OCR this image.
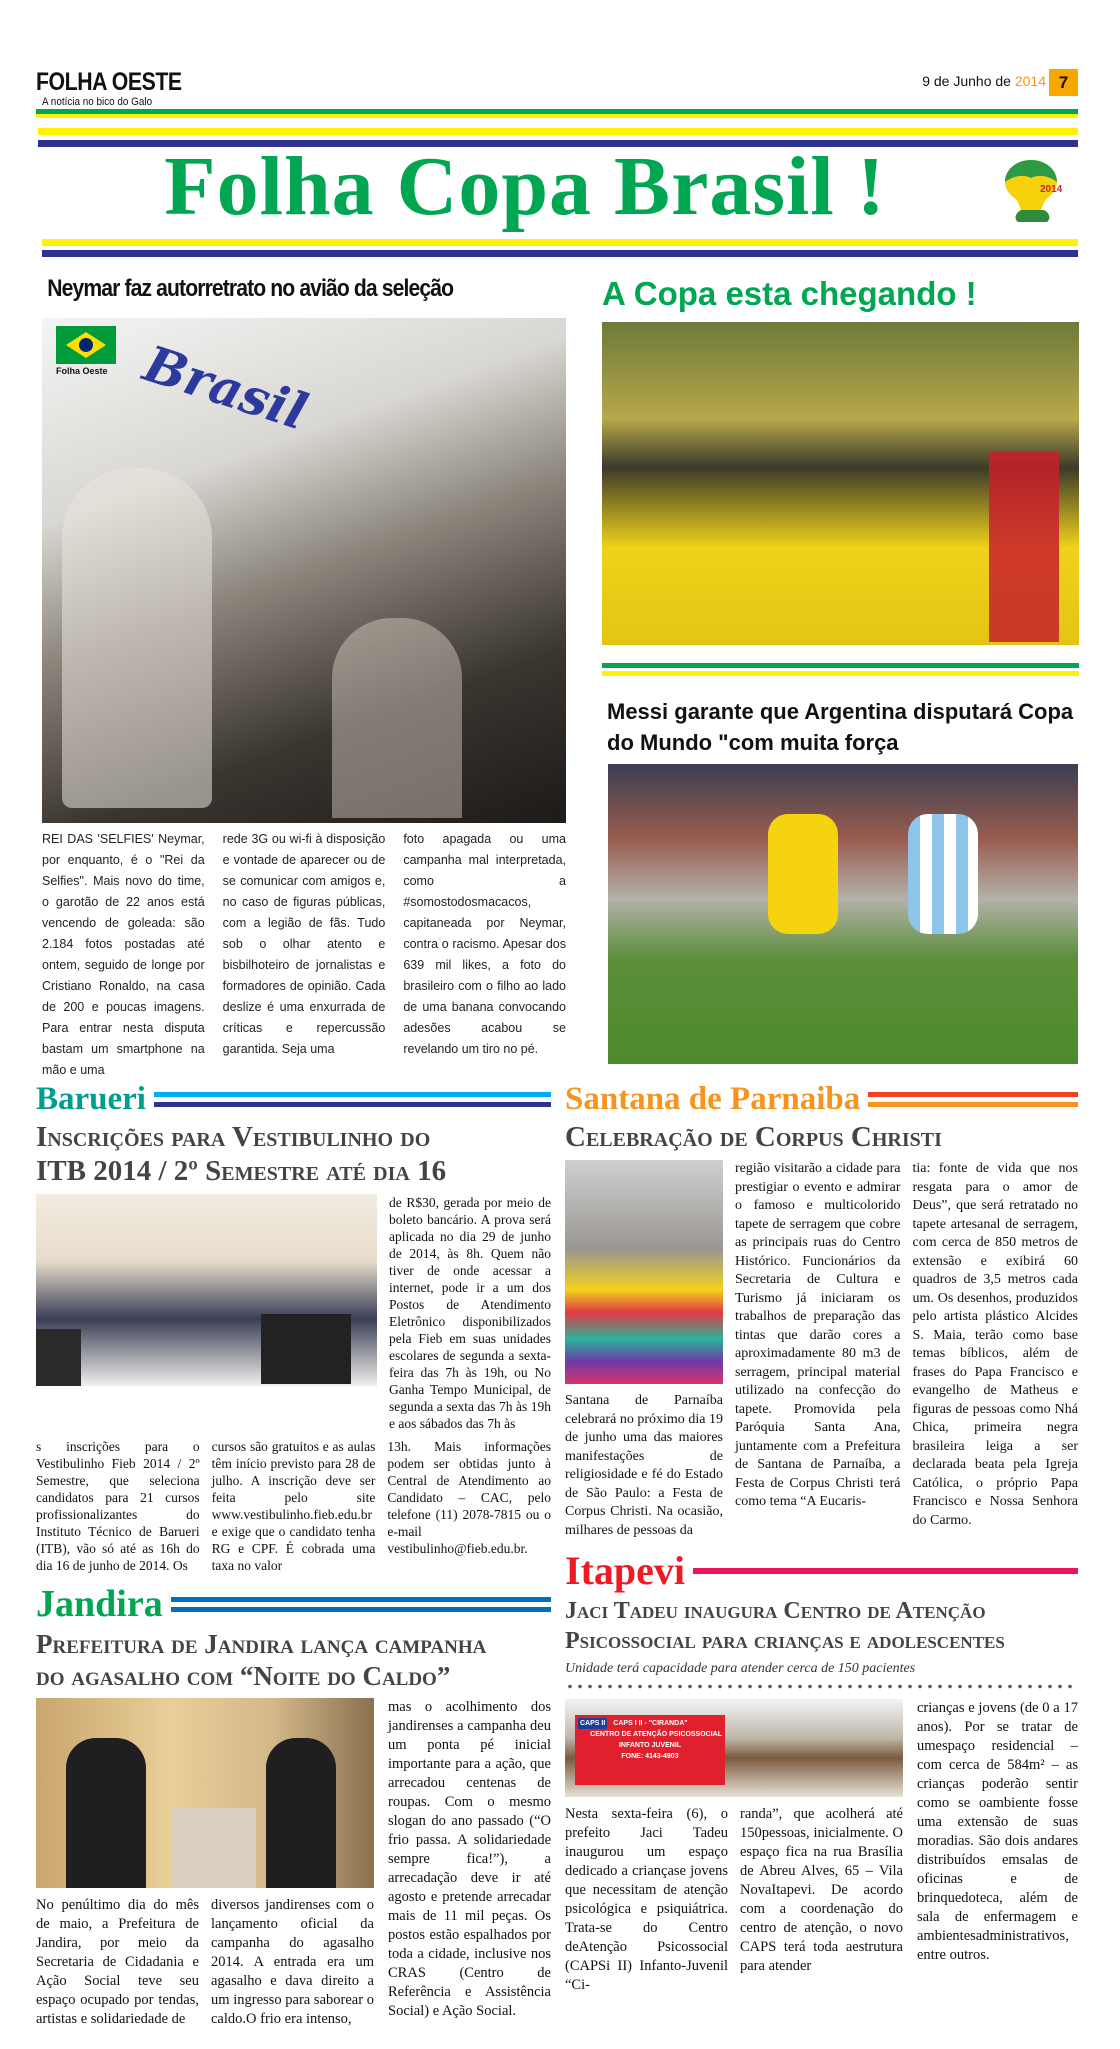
FOLHA OESTE
A notícia no bico do Galo
9 de Junho de 2014 7
Folha Copa Brasil !	2014
Neymar faz autorretrato no avião da seleção
Folha Oeste Brasil
REI DAS 'SELFIES' Neymar, por enquanto, é o "Rei da Selfies". Mais novo do time, o garotão de 22 anos está vencendo de goleada: são 2.184 fotos postadas até ontem, seguido de longe por Cristiano Ronaldo, na casa de 200 e poucas imagens. Para entrar nesta disputa bastam um smartphone na mão e uma
rede 3G ou wi-fi à disposição e vontade de aparecer ou de se comunicar com amigos e, no caso de figuras públicas, com a legião de fãs. Tudo sob o olhar atento e bisbilhoteiro de jornalistas e formadores de opinião. Cada deslize é uma enxurrada de críticas e repercussão garantida. Seja uma
foto apagada ou uma campanha mal interpretada, como a #somostodosmacacos, capitaneada por Neymar, contra o racismo. Apesar dos 639 mil likes, a foto do brasileiro com o filho ao lado de uma banana convocando adesões acabou se revelando um tiro no pé.
A Copa esta chegando !
Messi garante que Argentina disputará Copa do Mundo "com muita força
Barueri
Inscrições para Vestibulinho do
ITB 2014 / 2º Semestre até dia 16
de R$30, gerada por meio de boleto bancário. A prova será aplicada no dia 29 de junho de 2014, às 8h. Quem não tiver de onde acessar a internet, pode ir a um dos Postos de Atendimento Eletrônico disponibilizados pela Fieb em suas unidades escolares de segunda a sexta-feira das 7h às 19h, ou No Ganha Tempo Municipal, de segunda a sexta das 7h às 19h e aos sábados das 7h às
s inscrições para o Vestibulinho Fieb 2014 / 2º Semestre, que seleciona candidatos para 21 cursos profissionalizantes do Instituto Técnico de Barueri (ITB), vão só até as 16h do dia 16 de junho de 2014. Os
cursos são gratuitos e as aulas têm início previsto para 28 de julho. A inscrição deve ser feita pelo site www.vestibulinho.fieb.edu.br e exige que o candidato tenha RG e CPF. É cobrada uma taxa no valor
13h. Mais informações podem ser obtidas junto à Central de Atendimento ao Candidato – CAC, pelo telefone (11) 2078-7815 ou o e-mail vestibulinho@fieb.edu.br.
Jandira
Prefeitura de Jandira lança campanha
do agasalho com “Noite do Caldo”
No penúltimo dia do mês de maio, a Prefeitura de Jandira, por meio da Secretaria de Cidadania e Ação Social teve seu espaço ocupado por tendas, artistas e solidariedade de
diversos jandirenses com o lançamento oficial da campanha do agasalho 2014. A entrada era um agasalho e dava direito a um ingresso para saborear o caldo.O frio era intenso,
mas o acolhimento dos jandirenses a campanha deu um ponta pé inicial importante para a ação, que arrecadou centenas de roupas. Com o mesmo slogan do ano passado (“O frio passa. A solidariedade sempre fica!”), a arrecadação deve ir até agosto e pretende arrecadar mais de 11 mil peças. Os postos estão espalhados por toda a cidade, inclusive nos CRAS (Centro de Referência e Assistência Social) e Ação Social.
Santana de Parnaiba
Celebração de Corpus Christi
Santana de Parnaíba celebrará no próximo dia 19 de junho uma das maiores manifestações de religiosidade e fé do Estado de São Paulo: a Festa de Corpus Christi. Na ocasião, milhares de pessoas da
região visitarão a cidade para prestigiar o evento e admirar o famoso e multicolorido tapete de serragem que cobre as principais ruas do Centro Histórico. Funcionários da Secretaria de Cultura e Turismo já iniciaram os trabalhos de preparação das tintas que darão cores a aproximadamente 80 m3 de serragem, principal material utilizado na confecção do tapete. Promovida pela Paróquia Santa Ana, juntamente com a Prefeitura de Santana de Parnaíba, a Festa de Corpus Christi terá como tema “A Eucaris-
tia: fonte de vida que nos resgata para o amor de Deus”, que será retratado no tapete artesanal de serragem, com cerca de 850 metros de extensão e exibirá 60 quadros de 3,5 metros cada um. Os desenhos, produzidos pelo artista plástico Alcides S. Maia, terão como base temas bíblicos, além de frases do Papa Francisco e evangelho de Matheus e figuras de pessoas como Nhá Chica, primeira negra brasileira leiga a ser declarada beata pela Igreja Católica, o próprio Papa Francisco e Nossa Senhora do Carmo.
Itapevi
Jaci Tadeu inaugura Centro de Atenção
Psicossocial para crianças e adolescentes
Unidade terá capacidade para atender cerca de 150 pacientes
CAPS II CAPS I II - "CIRANDA"
CENTRO DE ATENÇÃO PSICOSSOCIAL
INFANTO JUVENIL
FONE: 4143-4903
Nesta sexta-feira (6), o prefeito Jaci Tadeu inaugurou um espaço dedicado a criançase jovens que necessitam de atenção psicológica e psiquiátrica. Trata-se do Centro deAtenção Psicossocial (CAPSi II) Infanto-Juvenil “Ci-
randa”, que acolherá até 150pessoas, inicialmente. O espaço fica na rua Brasília de Abreu Alves, 65 – Vila NovaItapevi. De acordo com a coordenação do centro de atenção, o novo CAPS terá toda aestrutura para atender
crianças e jovens (de 0 a 17 anos). Por se tratar de umespaço residencial – com cerca de 584m² – as crianças poderão sentir como se oambiente fosse uma extensão de suas moradias. São dois andares distribuídos emsalas de oficinas e de brinquedoteca, além de sala de enfermagem e ambientesadministrativos, entre outros.
